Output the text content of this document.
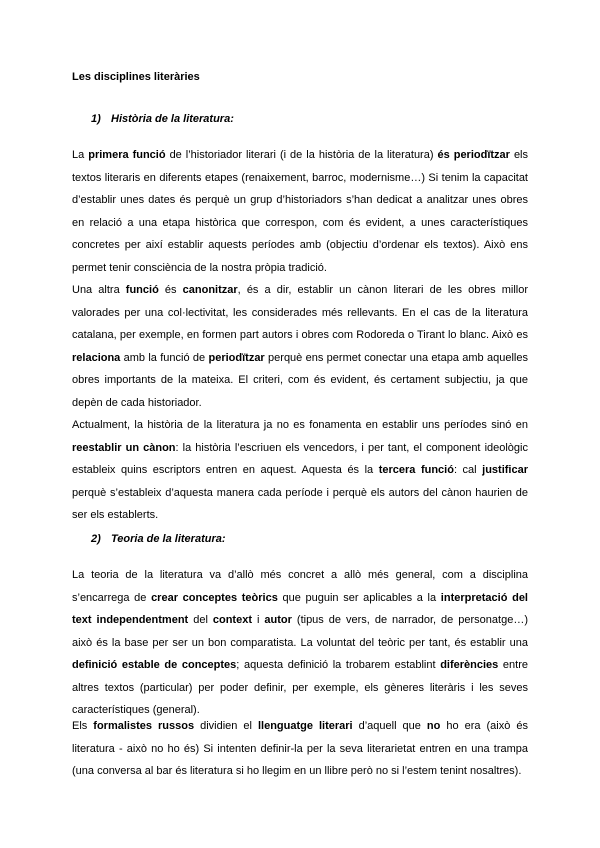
Les disciplines literàries
1) Història de la literatura:

La primera funció de l’historiador literari (i de la història de la literatura) és periodïtzar els textos literaris en diferents etapes (renaixement, barroc, modernisme…) Si tenim la capacitat d’establir unes dates és perquè un grup d’historiadors s’han dedicat a analitzar unes obres en relació a una etapa històrica que correspon, com és evident, a unes característiques concretes per així establir aquests períodes amb (objectiu d’ordenar els textos). Això ens permet tenir consciència de la nostra pròpia tradició.

Una altra funció és canonitzar, és a dir, establir un cànon literari de les obres millor valorades per una col·lectivitat, les considerades més rellevants. En el cas de la literatura catalana, per exemple, en formen part autors i obres com Rodoreda o Tirant lo blanc. Això es relaciona amb la funció de periodïtzar perquè ens permet conectar una etapa amb aquelles obres importants de la mateixa. El criteri, com és evident, és certament subjectiu, ja que depèn de cada historiador.

Actualment, la història de la literatura ja no es fonamenta en establir uns períodes sinó en reestablir un cànon: la història l’escriuen els vencedors, i per tant, el component ideològic estableix quins escriptors entren en aquest. Aquesta és la tercera funció: cal justificar perquè s’estableix d’aquesta manera cada període i perquè els autors del cànon haurien de ser els establerts.

2) Teoria de la literatura:

La teoria de la literatura va d’allò més concret a allò més general, com a disciplina s’encarrega de crear conceptes teòrics que puguin ser aplicables a la interpretació del text independentment del context i autor (tipus de vers, de narrador, de personatge…) això és la base per ser un bon comparatista. La voluntat del teòric per tant, és establir una definició estable de conceptes; aquesta definició la trobarem establint diferències entre altres textos (particular) per poder definir, per exemple, els gèneres literàris i les seves característiques (general).

Els formalistes russos dividien el llenguatge literari d’aquell que no ho era (això és literatura - això no ho és) Si intenten definir-la per la seva literarietat entren en una trampa (una conversa al bar és literatura si ho llegim en un llibre però no si l’estem tenint nosaltres).
